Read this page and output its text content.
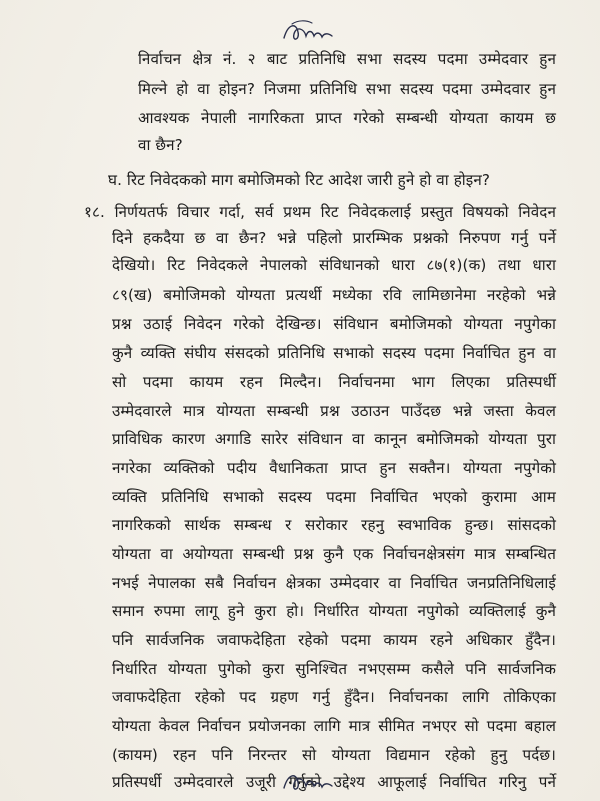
निर्वाचन क्षेत्र नं. २ बाट प्रतिनिधि सभा सदस्य पदमा उम्मेदवार हुन
मिल्ने हो वा होइन? निजमा प्रतिनिधि सभा सदस्य पदमा उम्मेदवार हुन
आवश्यक नेपाली नागरिकता प्राप्त गरेको सम्बन्धी योग्यता कायम छ
वा छैन?
घ. रिट निवेदकको माग बमोजिमको रिट आदेश जारी हुने हो वा होइन?
१८. निर्णयतर्फ विचार गर्दा, सर्व प्रथम रिट निवेदकलाई प्रस्तुत विषयको निवेदन
दिने हकदैया छ वा छैन? भन्ने पहिलो प्रारम्भिक प्रश्नको निरुपण गर्नु पर्ने
देखियो। रिट निवेदकले नेपालको संविधानको धारा ८७(१)(क) तथा धारा
८९(ख) बमोजिमको योग्यता प्रत्यर्थी मध्येका रवि लामिछानेमा नरहेको भन्ने
प्रश्न उठाई निवेदन गरेको देखिन्छ। संविधान बमोजिमको योग्यता नपुगेका
कुनै व्यक्ति संघीय संसदको प्रतिनिधि सभाको सदस्य पदमा निर्वाचित हुन वा
सो पदमा कायम रहन मिल्दैन। निर्वाचनमा भाग लिएका प्रतिस्पर्धी
उम्मेदवारले मात्र योग्यता सम्बन्धी प्रश्न उठाउन पाउँदछ भन्ने जस्ता केवल
प्राविधिक कारण अगाडि सारेर संविधान वा कानून बमोजिमको योग्यता पुरा
नगरेका व्यक्तिको पदीय वैधानिकता प्राप्त हुन सक्तैन। योग्यता नपुगेको
व्यक्ति प्रतिनिधि सभाको सदस्य पदमा निर्वाचित भएको कुरामा आम
नागरिकको सार्थक सम्बन्ध र सरोकार रहनु स्वभाविक हुन्छ। सांसदको
योग्यता वा अयोग्यता सम्बन्धी प्रश्न कुनै एक निर्वाचनक्षेत्रसंग मात्र सम्बन्धित
नभई नेपालका सबै निर्वाचन क्षेत्रका उम्मेदवार वा निर्वाचित जनप्रतिनिधिलाई
समान रुपमा लागू हुने कुरा हो। निर्धारित योग्यता नपुगेको व्यक्तिलाई कुनै
पनि सार्वजनिक जवाफदेहिता रहेको पदमा कायम रहने अधिकार हुँदैन।
निर्धारित योग्यता पुगेको कुरा सुनिश्चित नभएसम्म कसैले पनि सार्वजनिक
जवाफदेहिता रहेको पद ग्रहण गर्नु हुँदैन। निर्वाचनका लागि तोकिएका
योग्यता केवल निर्वाचन प्रयोजनका लागि मात्र सीमित नभएर सो पदमा बहाल
(कायम) रहन पनि निरन्तर सो योग्यता विद्यमान रहेको हुनु पर्दछ।
प्रतिस्पर्धी उम्मेदवारले उजूरी गर्नुको उद्देश्य आफूलाई निर्वाचित गरिनु पर्ने
